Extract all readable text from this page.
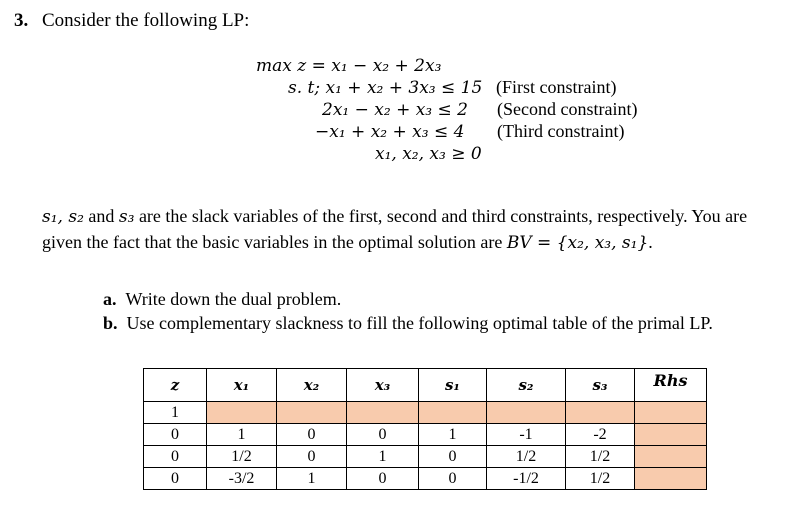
3. Consider the following LP:
max z = x₁ − x₂ + 2x₃
s. t; x₁ + x₂ + 3x₃ ≤ 15 (First constraint)
2x₁ − x₂ + x₃ ≤ 2 (Second constraint)
−x₁ + x₂ + x₃ ≤ 4 (Third constraint)
x₁, x₂, x₃ ≥ 0
s₁, s₂ and s₃ are the slack variables of the first, second and third constraints, respectively. You are given the fact that the basic variables in the optimal solution are BV = {x₂, x₃, s₁}.
a. Write down the dual problem.
b. Use complementary slackness to fill the following optimal table of the primal LP.
z	x₁	x₂	x₃	s₁	s₂	s₃	Rhs
1							
0	1	0	0	1	-1	-2	
0	1/2	0	1	0	1/2	1/2	
0	-3/2	1	0	0	-1/2	1/2	
